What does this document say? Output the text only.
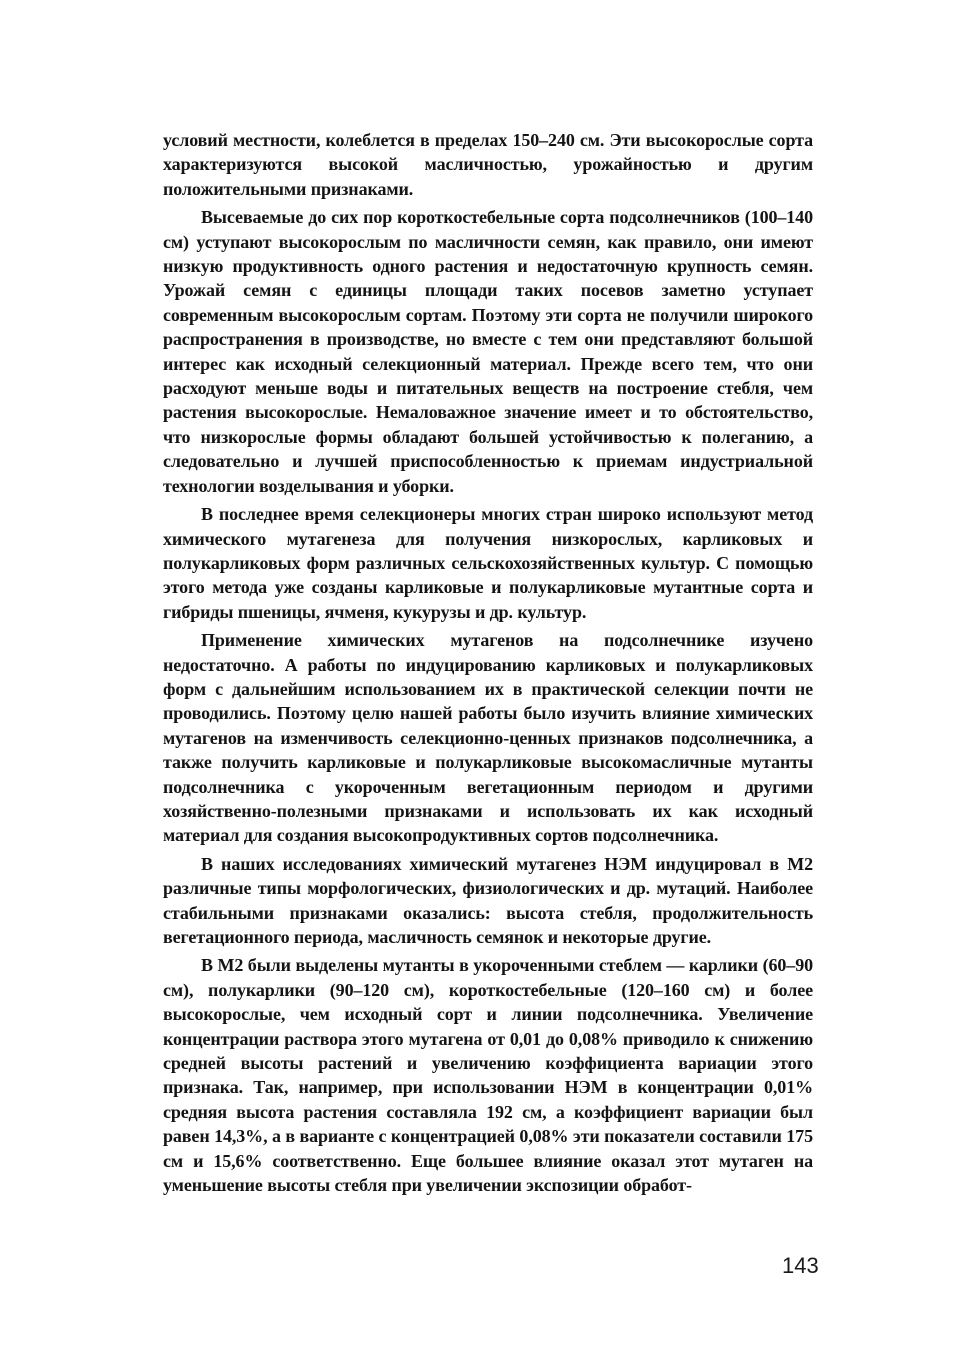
условий местности, колеблется в пределах 150–240 см. Эти высокорослые сорта характеризуются высокой масличностью, урожайностью и другим положительными признаками.

Высеваемые до сих пор короткостебельные сорта подсолнечников (100–140 см) уступают высокорослым по масличности семян, как правило, они имеют низкую продуктивность одного растения и недостаточную крупность семян. Урожай семян с единицы площади таких посевов заметно уступает современным высокорослым сортам. Поэтому эти сорта не получили широкого распространения в производстве, но вместе с тем они представляют большой интерес как исходный селекционный материал. Прежде всего тем, что они расходуют меньше воды и питательных веществ на построение стебля, чем растения высокорослые. Немаловажное значение имеет и то обстоятельство, что низкорослые формы обладают большей устойчивостью к полеганию, а следовательно и лучшей приспособленностью к приемам индустриальной технологии возделывания и уборки.

В последнее время селекционеры многих стран широко используют метод химического мутагенеза для получения низкорослых, карликовых и полукарликовых форм различных сельскохозяйственных культур. С помощью этого метода уже созданы карликовые и полукарликовые мутантные сорта и гибриды пшеницы, ячменя, кукурузы и др. культур.

Применение химических мутагенов на подсолнечнике изучено недостаточно. А работы по индуцированию карликовых и полукарликовых форм с дальнейшим использованием их в практической селекции почти не проводились. Поэтому целю нашей работы было изучить влияние химических мутагенов на изменчивость селекционно-ценных признаков подсолнечника, а также получить карликовые и полукарликовые высокомасличные мутанты подсолнечника с укороченным вегетационным периодом и другими хозяйственно-полезными признаками и использовать их как исходный материал для создания высокопродуктивных сортов подсолнечника.

В наших исследованиях химический мутагенез НЭМ индуцировал в М2 различные типы морфологических, физиологических и др. мутаций. Наиболее стабильными признаками оказались: высота стебля, продолжительность вегетационного периода, масличность семянок и некоторые другие.

В М2 были выделены мутанты в укороченными стеблем — карлики (60–90 см), полукарлики (90–120 см), короткостебельные (120–160 см) и более высокорослые, чем исходный сорт и линии подсолнечника. Увеличение концентрации раствора этого мутагена от 0,01 до 0,08% приводило к снижению средней высоты растений и увеличению коэффициента вариации этого признака. Так, например, при использовании НЭМ в концентрации 0,01% средняя высота растения составляла 192 см, а коэффициент вариации был равен 14,3%, а в варианте с концентрацией 0,08% эти показатели составили 175 см и 15,6% соответственно. Еще большее влияние оказал этот мутаген на уменьшение высоты стебля при увеличении экспозиции обработ-

143
